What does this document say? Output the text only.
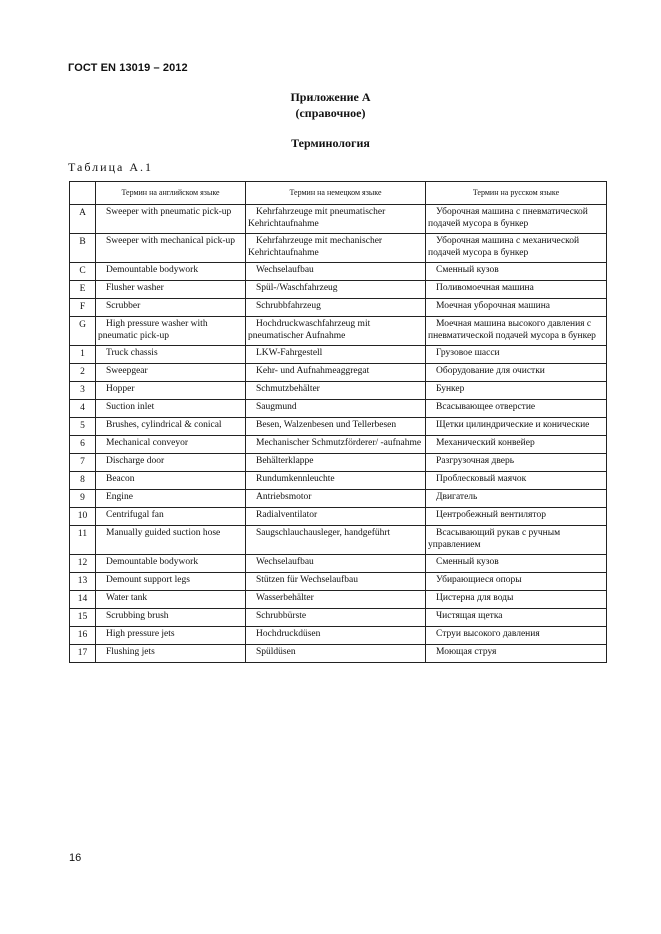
ГОСТ EN 13019 – 2012
Приложение А
(справочное)
Терминология
Таблица А.1
	Термин на английском языке	Термин на немецком языке	Термин на русском языке
A	Sweeper with pneumatic pick-up	Kehrfahrzeuge mit pneumatischer Kehrichtaufnahme	Уборочная машина с пневматической подачей мусора в бункер
B	Sweeper with mechanical pick-up	Kehrfahrzeuge mit mechanischer Kehrichtaufnahme	Уборочная машина с механической подачей мусора в бункер
C	Demountable bodywork	Wechselaufbau	Сменный кузов
E	Flusher washer	Spül-/Waschfahrzeug	Поливомоечная машина
F	Scrubber	Schrubbfahrzeug	Моечная уборочная машина
G	High pressure washer with pneumatic pick-up	Hochdruckwaschfahrzeug mit pneumatischer Aufnahme	Моечная машина высокого давления с пневматической подачей мусора в бункер
1	Truck chassis	LKW-Fahrgestell	Грузовое шасси
2	Sweepgear	Kehr- und Aufnahmeaggregat	Оборудование для очистки
3	Hopper	Schmutzbehälter	Бункер
4	Suction inlet	Saugmund	Всасывающее отверстие
5	Brushes, cylindrical & conical	Besen, Walzenbesen und Tellerbesen	Щетки цилиндрические и конические
6	Mechanical conveyor	Mechanischer Schmutzförderer/ -aufnahme	Механический конвейер
7	Discharge door	Behälterklappe	Разгрузочная дверь
8	Beacon	Rundumkennleuchte	Проблесковый маячок
9	Engine	Antriebsmotor	Двигатель
10	Centrifugal fan	Radialventilator	Центробежный вентилятор
11	Manually guided suction hose	Saugschlauchausleger, handgeführt	Всасывающий рукав с ручным управлением
12	Demountable bodywork	Wechselaufbau	Сменный кузов
13	Demount support legs	Stützen für Wechselaufbau	Убирающиеся опоры
14	Water tank	Wasserbehälter	Цистерна для воды
15	Scrubbing brush	Schrubbürste	Чистящая щетка
16	High pressure jets	Hochdruckdüsen	Струи высокого давления
17	Flushing jets	Spüldüsen	Моющая струя
16
